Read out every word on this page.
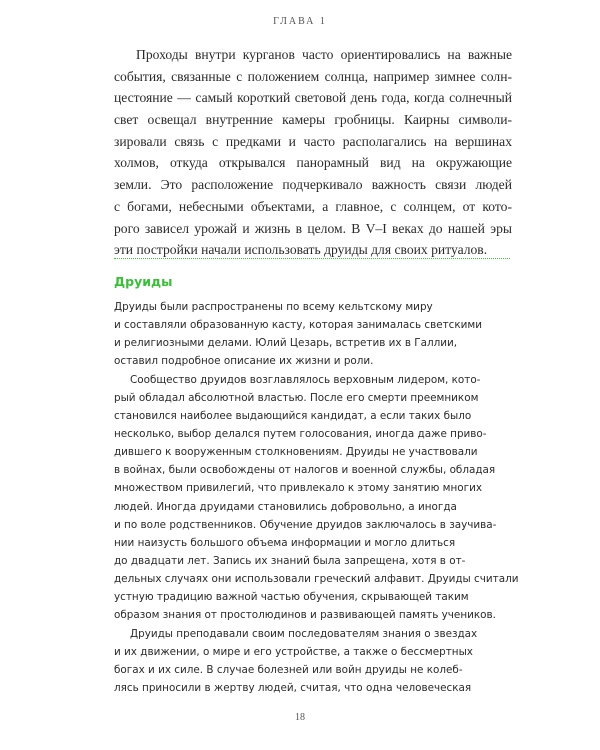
ГЛАВА 1
Проходы внутри курганов часто ориентировались на важные
события, связанные с положением солнца, например зимнее солн-
цестояние — самый короткий световой день года, когда солнечный
свет освещал внутренние камеры гробницы. Каирны символи-
зировали связь с предками и часто располагались на вершинах
холмов, откуда открывался панорамный вид на окружающие
земли. Это расположение подчеркивало важность связи людей
с богами, небесными объектами, а главное, с солнцем, от кото-
рого зависел урожай и жизнь в целом. В V–I веках до нашей эры
эти постройки начали использовать друиды для своих ритуалов.
Друиды
Друиды были распространены по всему кельтскому миру
и составляли образованную касту, которая занималась светскими
и религиозными делами. Юлий Цезарь, встретив их в Галлии,
оставил подробное описание их жизни и роли.
Сообщество друидов возглавлялось верховным лидером, кото-
рый обладал абсолютной властью. После его смерти преемником
становился наиболее выдающийся кандидат, а если таких было
несколько, выбор делался путем голосования, иногда даже приво-
дившего к вооруженным столкновениям. Друиды не участвовали
в войнах, были освобождены от налогов и военной службы, обладая
множеством привилегий, что привлекало к этому занятию многих
людей. Иногда друидами становились добровольно, а иногда
и по воле родственников. Обучение друидов заключалось в заучива-
нии наизусть большого объема информации и могло длиться
до двадцати лет. Запись их знаний была запрещена, хотя в от-
дельных случаях они использовали греческий алфавит. Друиды считали
устную традицию важной частью обучения, скрывающей таким
образом знания от простолюдинов и развивающей память учеников.
Друиды преподавали своим последователям знания о звездах
и их движении, о мире и его устройстве, а также о бессмертных
богах и их силе. В случае болезней или войн друиды не колеб-
лясь приносили в жертву людей, считая, что одна человеческая
18
